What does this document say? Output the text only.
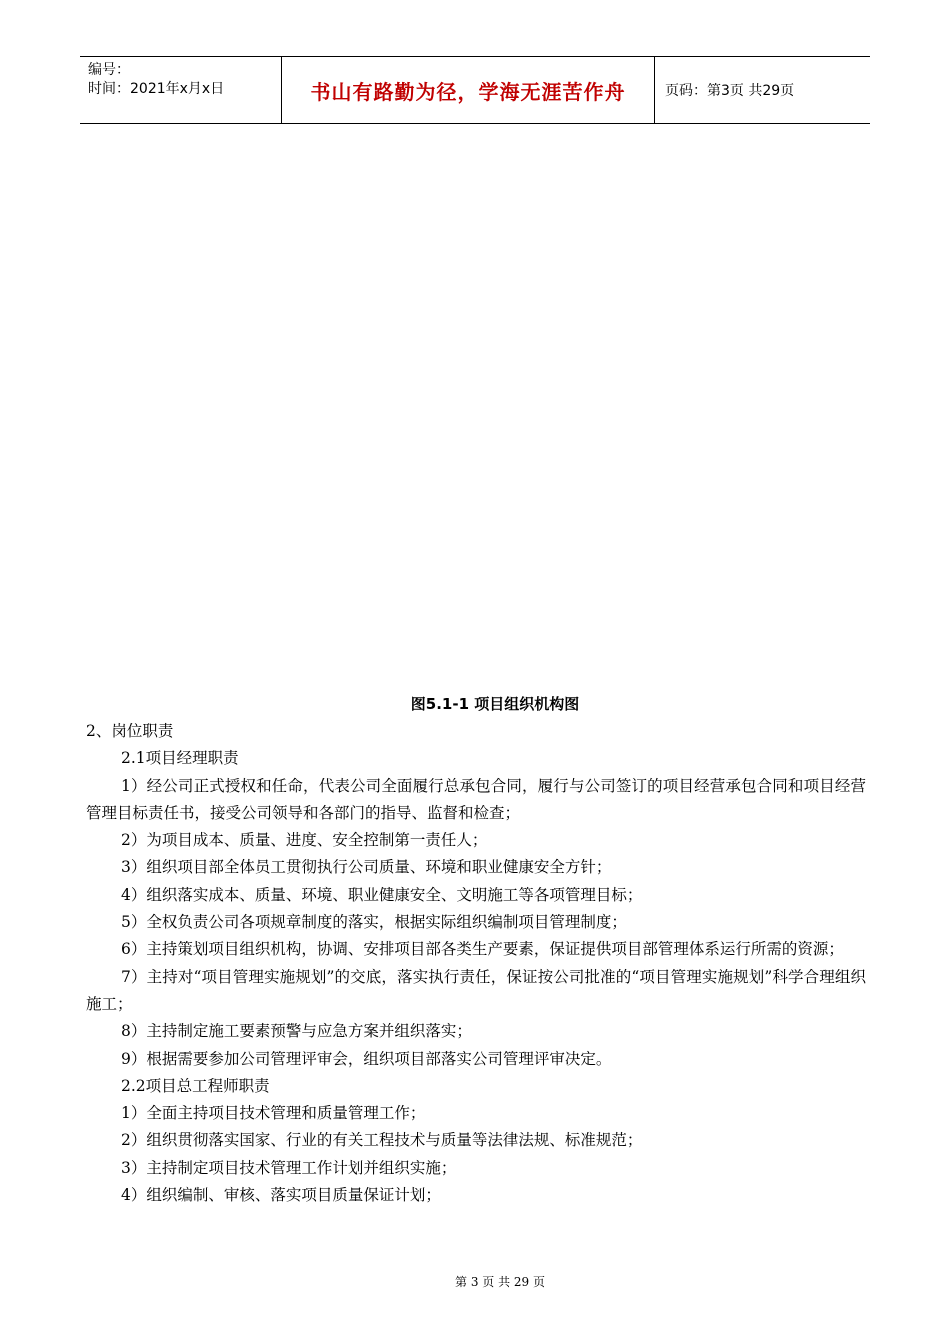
编号：
时间：2021年x月x日	书山有路勤为径，学海无涯苦作舟	页码：第3页 共29页
图5.1-1 项目组织机构图
2、岗位职责
2.1项目经理职责
1）经公司正式授权和任命，代表公司全面履行总承包合同，履行与公司签订的项目经营承包合同和项目经营管理目标责任书，接受公司领导和各部门的指导、监督和检查；
2）为项目成本、质量、进度、安全控制第一责任人；
3）组织项目部全体员工贯彻执行公司质量、环境和职业健康安全方针；
4）组织落实成本、质量、环境、职业健康安全、文明施工等各项管理目标；
5）全权负责公司各项规章制度的落实，根据实际组织编制项目管理制度；
6）主持策划项目组织机构，协调、安排项目部各类生产要素，保证提供项目部管理体系运行所需的资源；
7）主持对“项目管理实施规划”的交底，落实执行责任，保证按公司批准的“项目管理实施规划”科学合理组织施工；
8）主持制定施工要素预警与应急方案并组织落实；
9）根据需要参加公司管理评审会，组织项目部落实公司管理评审决定。
2.2项目总工程师职责
1）全面主持项目技术管理和质量管理工作；
2）组织贯彻落实国家、行业的有关工程技术与质量等法律法规、标准规范；
3）主持制定项目技术管理工作计划并组织实施；
4）组织编制、审核、落实项目质量保证计划；
第 3 页 共 29 页
